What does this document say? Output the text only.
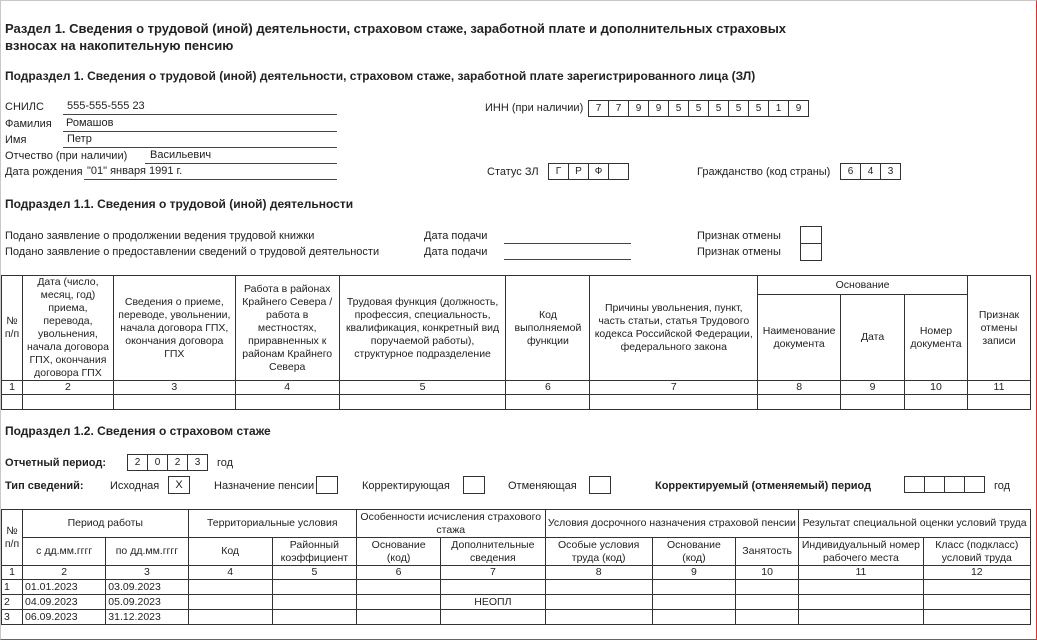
Раздел 1. Сведения о трудовой (иной) деятельности, страховом стаже, заработной плате и дополнительных страховых
взносах на накопительную пенсию
Подраздел 1. Сведения о трудовой (иной) деятельности, страховом стаже, заработной плате зарегистрированного лица (ЗЛ)
СНИЛС	555-555-555 23
Фамилия Ромашов
Имя	Петр
Отчество (при наличии)	Васильевич
Дата рождения "01" января 1991 г.
ИНН (при наличии)	7	7	9	9	5	5	5	5	5	1	9
Статус ЗЛ	Г	Р	Ф	Гражданство (код страны)	6	4	3
Подраздел 1.1. Сведения о трудовой (иной) деятельности
Подано заявление о продолжении ведения трудовой книжки
Подано заявление о предоставлении сведений о трудовой деятельности
Дата подачи
Дата подачи
Признак отмены
Признак отмены
№ п/п	Дата (число, месяц, год) приема, перевода, увольнения, начала договора ГПХ, окончания договора ГПХ	Сведения о приеме, переводе, увольнении, начала договора ГПХ, окончания договора ГПХ	Работа в районах Крайнего Севера / работа в местностях, приравненных к районам Крайнего Севера	Трудовая функция (должность, профессия, специальность, квалификация, конкретный вид поручаемой работы), структурное подразделение	Код выполняемой функции	Причины увольнения, пункт, часть статьи, статья Трудового кодекса Российской Федерации, федерального закона	Основание			Признак отмены записи
							Наименование документа	Дата	Номер документа	
1	2	3	4	5	6	7	8	9	10	11

Подраздел 1.2. Сведения о страховом стаже
Отчетный период:	2	0	2	3	год
Тип сведений: Исходная	X	Назначение пенсии	Корректирующая	Отменяющая	Корректируемый (отменяемый) период	год
№ п/п	Период работы		Территориальные условия		Особенности исчисления страхового стажа		Условия досрочного назначения страховой пенсии			Результат специальной оценки условий труда	
	с дд.мм.гггг	по дд.мм.гггг	Код	Районный коэффициент	Основание (код)	Дополнительные сведения	Особые условия труда (код)	Основание (код)	Занятость	Индивидуальный номер рабочего места	Класс (подкласс) условий труда
1	2	3	4	5	6	7	8	9	10	11	12
1	01.01.2023	03.09.2023									
2	04.09.2023	05.09.2023				НЕОПЛ					
3	06.09.2023	31.12.2023									
